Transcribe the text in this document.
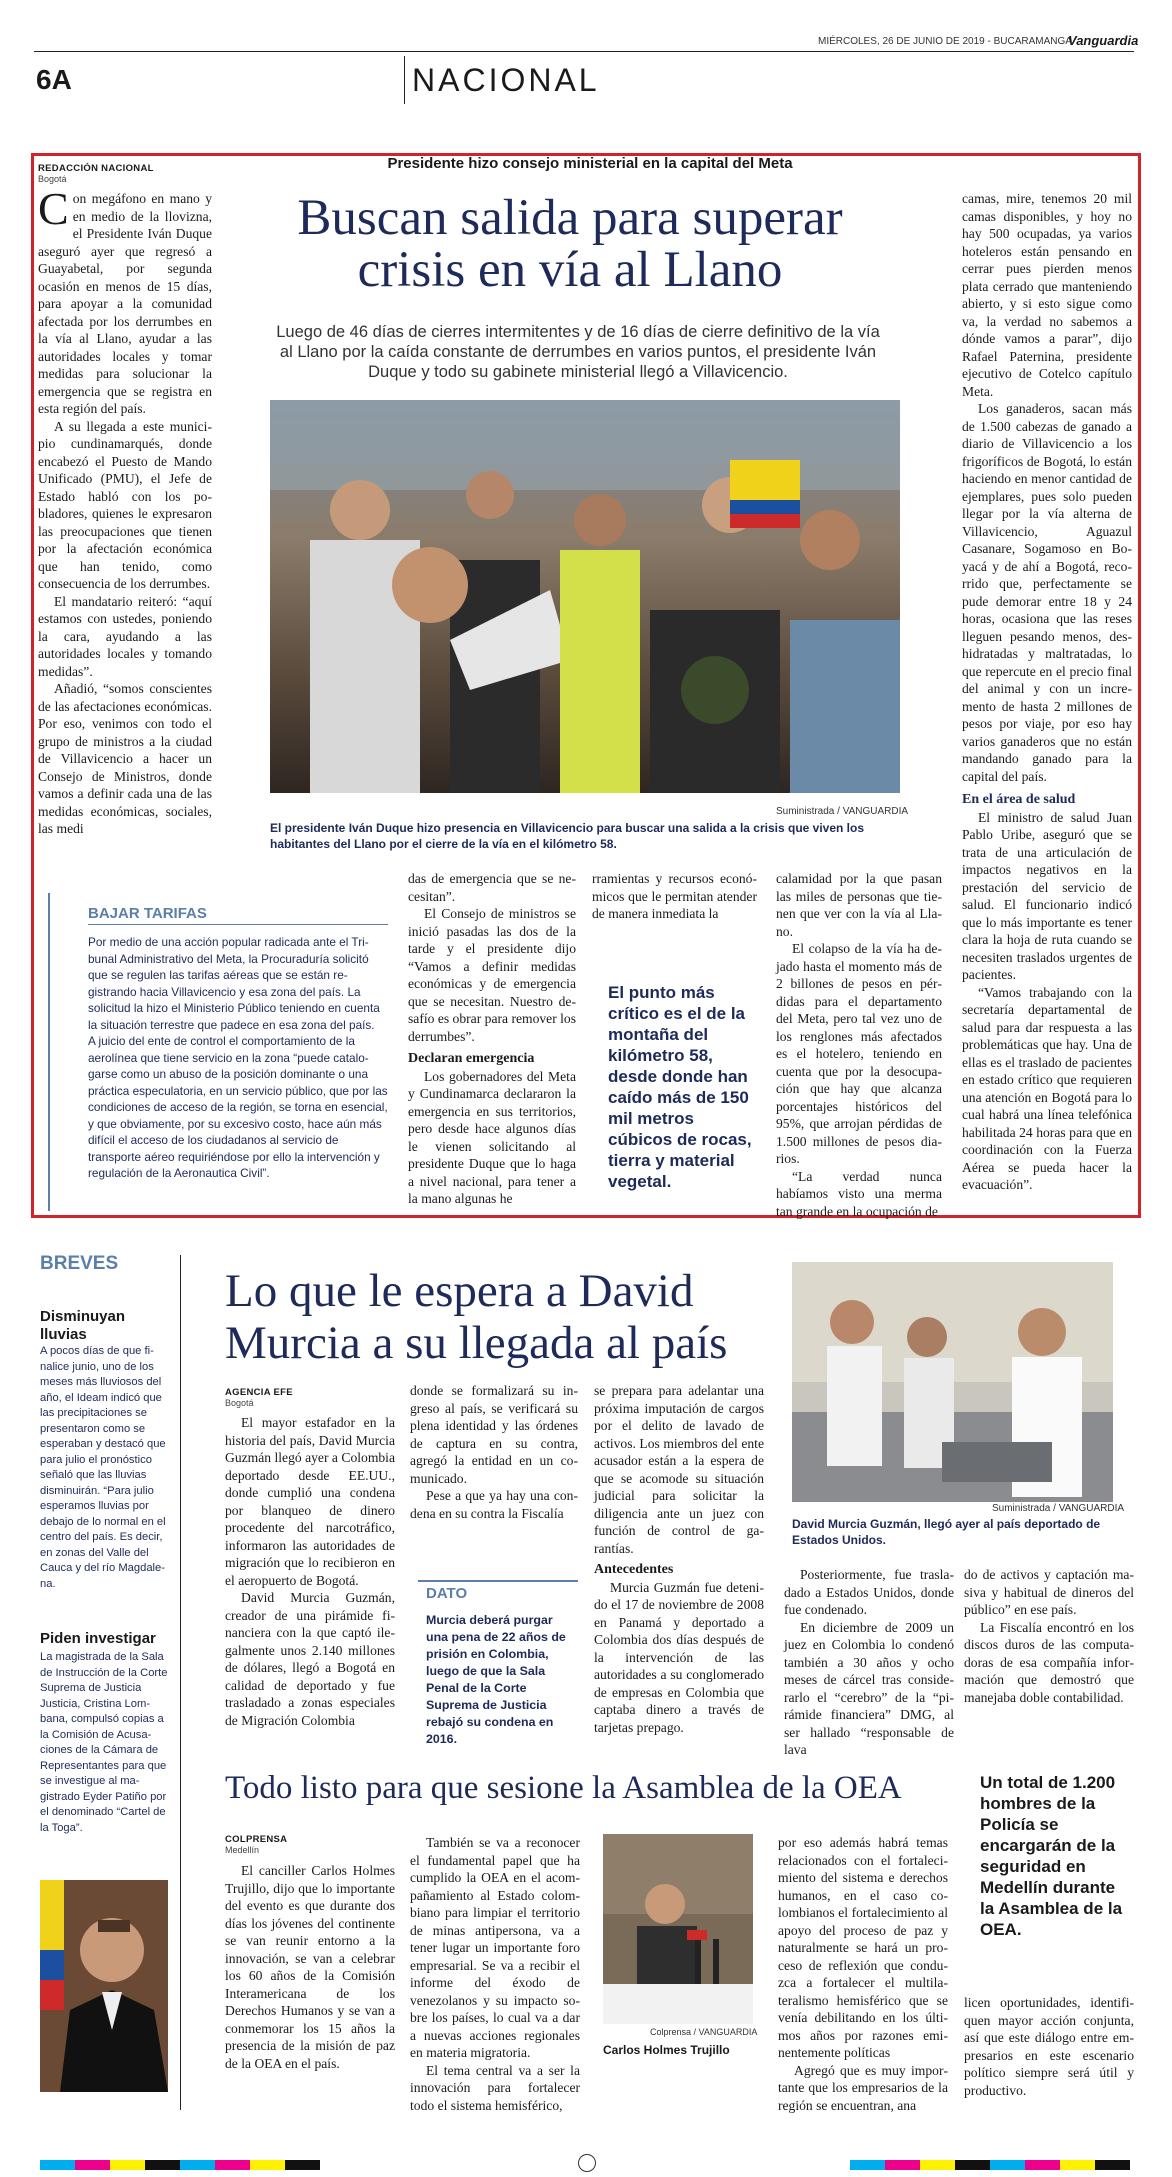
MIÉRCOLES, 26 DE JUNIO DE 2019 - BUCARAMANGA
Vanguardia
6A	NACIONAL
Presidente hizo consejo ministerial en la capital del Meta
REDACCIÓN NACIONAL
Bogotá

Con megáfono en mano y en medio de la llovizna, el Presidente Iván Duque aseguró ayer que regresó a Guayabetal, por segunda ocasión en menos de 15 días, para apoyar a la comunidad afectada por los derrumbes en la vía al Llano, ayudar a las autoridades locales y tomar medidas para solucionar la emergencia que se registra en esta región del país.

A su llegada a este municipio cundinamarqués, donde encabezó el Puesto de Mando Unificado (PMU), el Jefe de Estado habló con los pobladores, quienes le expresaron las preocupaciones que tienen por la afectación económica que han tenido, como consecuencia de los derrumbes.

El mandatario reiteró: “aquí estamos con ustedes, poniendo la cara, ayudando a las autoridades locales y tomando medidas”.

Añadió, “somos conscientes de las afectaciones económicas. Por eso, venimos con todo el grupo de ministros a la ciudad de Villavicencio a hacer un Consejo de Ministros, donde vamos a definir cada una de las medidas económicas, sociales, las medi

Buscan salida para superar
crisis en vía al Llano
Luego de 46 días de cierres intermitentes y de 16 días de cierre definitivo de la vía al Llano por la caída constante de derrumbes en varios puntos, el presidente Iván Duque y todo su gabinete ministerial llegó a Villavicencio.
Suministrada / VANGUARDIA
El presidente Iván Duque hizo presencia en Villavicencio para buscar una salida a la crisis que viven los habitantes del Llano por el cierre de la vía en el kilómetro 58.
BAJAR TARIFAS

Por medio de una acción popular radicada ante el Tribunal Administrativo del Meta, la Procuraduría solicitó que se regulen las tarifas aéreas que se están registrando hacia Villavicencio y esa zona del país. La solicitud la hizo el Ministerio Público teniendo en cuenta la situación terrestre que padece en esa zona del país.

A juicio del ente de control el comportamiento de la aerolínea que tiene servicio en la zona “puede catalogarse como un abuso de la posición dominante o una práctica especulatoria, en un servicio público, que por las condiciones de acceso de la región, se torna en esencial, y que obviamente, por su excesivo costo, hace aún más difícil el acceso de los ciudadanos al servicio de transporte aéreo requiriéndose por ello la intervención y regulación de la Aeronautica Civil”.

das de emergencia que se necesitan”.

El Consejo de ministros se inició pasadas las dos de la tarde y el presidente dijo “Vamos a definir medidas económicas y de emergencia que se necesitan. Nuestro desafío es obrar para remover los derrumbes”.

Declaran emergencia

Los gobernadores del Meta y Cundinamarca declararon la emergencia en sus territorios, pero desde hace algunos días le vienen solicitando al presidente Duque que lo haga a nivel nacional, para tener a la mano algunas he

rramientas y recursos económicos que le permitan atender de manera inmediata la

El punto más crítico es el de la montaña del kilómetro 58, desde donde han caído más de 150 mil metros cúbicos de rocas, tierra y material vegetal.

calamidad por la que pasan las miles de personas que tienen que ver con la vía al Llano.

El colapso de la vía ha dejado hasta el momento más de 2 billones de pesos en pérdidas para el departamento del Meta, pero tal vez uno de los renglones más afectados es el hotelero, teniendo en cuenta que por la desocupación que hay que alcanza porcentajes históricos del 95%, que arrojan pérdidas de 1.500 millones de pesos diarios.

“La verdad nunca habíamos visto una merma tan grande en la ocupación de

camas, mire, tenemos 20 mil camas disponibles, y hoy no hay 500 ocupadas, ya varios hoteleros están pensando en cerrar pues pierden menos plata cerrado que manteniendo abierto, y si esto sigue como va, la verdad no sabemos a dónde vamos a parar”, dijo Rafael Paternina, presidente ejecutivo de Cotelco capítulo Meta.

Los ganaderos, sacan más de 1.500 cabezas de ganado a diario de Villavicencio a los frigoríficos de Bogotá, lo están haciendo en menor cantidad de ejemplares, pues solo pueden llegar por la vía alterna de Villavicencio, Aguazul Casanare, Sogamoso en Boyacá y de ahí a Bogotá, recorrido que, perfectamente se pude demorar entre 18 y 24 horas, ocasiona que las reses lleguen pesando menos, deshidratadas y maltratadas, lo que repercute en el precio final del animal y con un incremento de hasta 2 millones de pesos por viaje, por eso hay varios ganaderos que no están mandando ganado para la capital del país.

En el área de salud

El ministro de salud Juan Pablo Uribe, aseguró que se trata de una articulación de impactos negativos en la prestación del servicio de salud. El funcionario indicó que lo más importante es tener clara la hoja de ruta cuando se necesiten traslados urgentes de pacientes.

“Vamos trabajando con la secretaría departamental de salud para dar respuesta a las problemáticas que hay. Una de ellas es el traslado de pacientes en estado crítico que requieren una atención en Bogotá para lo cual habrá una línea telefónica habilitada 24 horas para que en coordinación con la Fuerza Aérea se pueda hacer la evacuación”.

BREVES
Disminuyan lluvias
A pocos días de que finalice junio, uno de los meses más lluviosos del año, el Ideam indicó que las precipitaciones se presentaron como se esperaban y destacó que para julio el pronóstico señaló que las lluvias disminuirán. “Para julio esperamos lluvias por debajo de lo normal en el centro del país. Es decir, en zonas del Valle del Cauca y del río Magdalena.
Piden investigar
La magistrada de la Sala de Instrucción de la Corte Suprema de Justicia Justicia, Cristina Lombana, compulsó copias a la Comisión de Acusaciones de la Cámara de Representantes para que se investigue al magistrado Eyder Patiño por el denominado “Cartel de la Toga”.
Lo que le espera a David
Murcia a su llegada al país
AGENCIA EFE
Bogotá

El mayor estafador en la historia del país, David Murcia Guzmán llegó ayer a Colombia deportado desde EE.UU., donde cumplió una condena por blanqueo de dinero procedente del narcotráfico, informaron las autoridades de migración que lo recibieron en el aeropuerto de Bogotá.

David Murcia Guzmán, creador de una pirámide financiera con la que captó ilegalmente unos 2.140 millones de dólares, llegó a Bogotá en calidad de deportado y fue trasladado a zonas especiales de Migración Colombia

donde se formalizará su ingreso al país, se verificará su plena identidad y las órdenes de captura en su contra, agregó la entidad en un comunicado.

Pese a que ya hay una condena en su contra la Fiscalía

DATO
Murcia deberá purgar una pena de 22 años de prisión en Colombia, luego de que la Sala Penal de la Corte Suprema de Justicia rebajó su condena en 2016.

se prepara para adelantar una próxima imputación de cargos por el delito de lavado de activos. Los miembros del ente acusador están a la espera de que se acomode su situación judicial para solicitar la diligencia ante un juez con función de control de garantías.

Antecedentes

Murcia Guzmán fue detenido el 17 de noviembre de 2008 en Panamá y deportado a Colombia dos días después de la intervención de las autoridades a su conglomerado de empresas en Colombia que captaba dinero a través de tarjetas prepago.

Posteriormente, fue trasladado a Estados Unidos, donde fue condenado.

En diciembre de 2009 un juez en Colombia lo condenó también a 30 años y ocho meses de cárcel tras considerarlo el “cerebro” de la “pirámide financiera” DMG, al ser hallado “responsable de lava

do de activos y captación masiva y habitual de dineros del público” en ese país.

La Fiscalía encontró en los discos duros de las computadoras de esa compañía información que demostró que manejaba doble contabilidad.

Suministrada / VANGUARDIA
David Murcia Guzmán, llegó ayer al país deportado de Estados Unidos.
Todo listo para que sesione la Asamblea de la OEA
COLPRENSA
Medellín

El canciller Carlos Holmes Trujillo, dijo que lo importante del evento es que durante dos días los jóvenes del continente se van reunir entorno a la innovación, se van a celebrar los 60 años de la Comisión Interamericana de los Derechos Humanos y se van a conmemorar los 15 años la presencia de la misión de paz de la OEA en el país.

También se va a reconocer el fundamental papel que ha cumplido la OEA en el acompañamiento al Estado colombiano para limpiar el territorio de minas antipersona, va a tener lugar un importante foro empresarial. Se va a recibir el informe del éxodo de venezolanos y su impacto sobre los países, lo cual va a dar a nuevas acciones regionales en materia migratoria.

El tema central va a ser la innovación para fortalecer todo el sistema hemisférico,

Colprensa / VANGUARDIA
Carlos Holmes Trujillo

por eso además habrá temas relacionados con el fortalecimiento del sistema e derechos humanos, en el caso colombianos el fortalecimiento al apoyo del proceso de paz y naturalmente se hará un proceso de reflexión que conduzca a fortalecer el multilateralismo hemisférico que se venía debilitando en los últimos años por razones eminentemente políticas

Agregó que es muy importante que los empresarios de la región se encuentran, ana

Un total de 1.200 hombres de la Policía se encargarán de la seguridad en Medellín durante la Asamblea de la OEA.

licen oportunidades, identifiquen mayor acción conjunta, así que este diálogo entre empresarios en este escenario político siempre será útil y productivo.
